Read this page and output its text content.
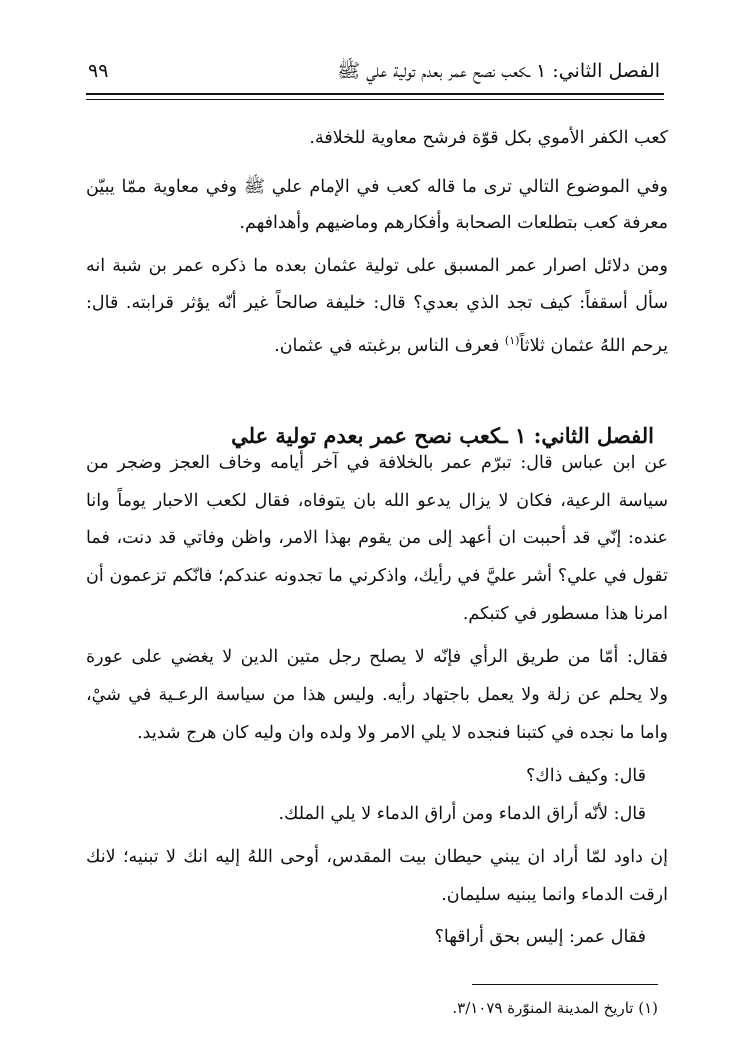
الفصل الثاني: ١ ـكعب نصح عمر بعدم تولية علي ﷺ
٩٩
كعب الكفر الأموي بكل قوّة فرشح معاوية للخلافة.
وفي الموضوع التالي ترى ما قاله كعب في الإمام علي ﷺ وفي معاوية ممّا يبيّن
معرفة كعب بتطلعات الصحابة وأفكارهم وماضيهم وأهدافهم.
ومن دلائل اصرار عمر المسبق على تولية عثمان بعده ما ذكره عمر بن شبة انه
سأل أسقفاً: كيف تجد الذي بعدي؟ قال: خليفة صالحاً غير أنّه يؤثر قرابته. قال:
يرحم اللهُ عثمان ثلاثاً$^{(١)}$ فعرف الناس برغبته في عثمان.
الفصل الثاني: ١ ـكعب نصح عمر بعدم تولية علي
عن ابن عباس قال: تبرّم عمر بالخلافة في آخر أيامه وخاف العجز وضجر من
سياسة الرعية، فكان لا يزال يدعو الله بان يتوفاه، فقال لكعب الاحبار يوماً وانا
عنده: إنّي قد أحببت ان أعهد إلى من يقوم بهذا الامر، واظن وفاتي قد دنت، فما
تقول في علي؟ أشر عليَّ في رأيك، واذكرني ما تجدونه عندكم؛ فانّكم تزعمون أن
امرنا هذا مسطور في كتبكم.
فقال: أمّا من طريق الرأي فإنّه لا يصلح رجل متين الدين لا يغضي على عورة
ولا يحلم عن زلة ولا يعمل باجتهاد رأيه. وليس هذا من سياسة الرعـية في شيْ،
واما ما نجده في كتبنا فنجده لا يلي الامر ولا ولده وان وليه كان هرج شديد.
قال: وكيف ذاك؟
قال: لأنّه أراق الدماء ومن أراق الدماء لا يلي الملك.
إن داود لمّا أراد ان يبني حيطان بيت المقدس، أوحى اللهُ إليه انك لا تبنيه؛ لانك
ارقت الدماء وانما يبنيه سليمان.
فقال عمر: إليس بحق أراقها؟
(١) تاريخ المدينة المنوّرة ٣/١٠٧٩.
